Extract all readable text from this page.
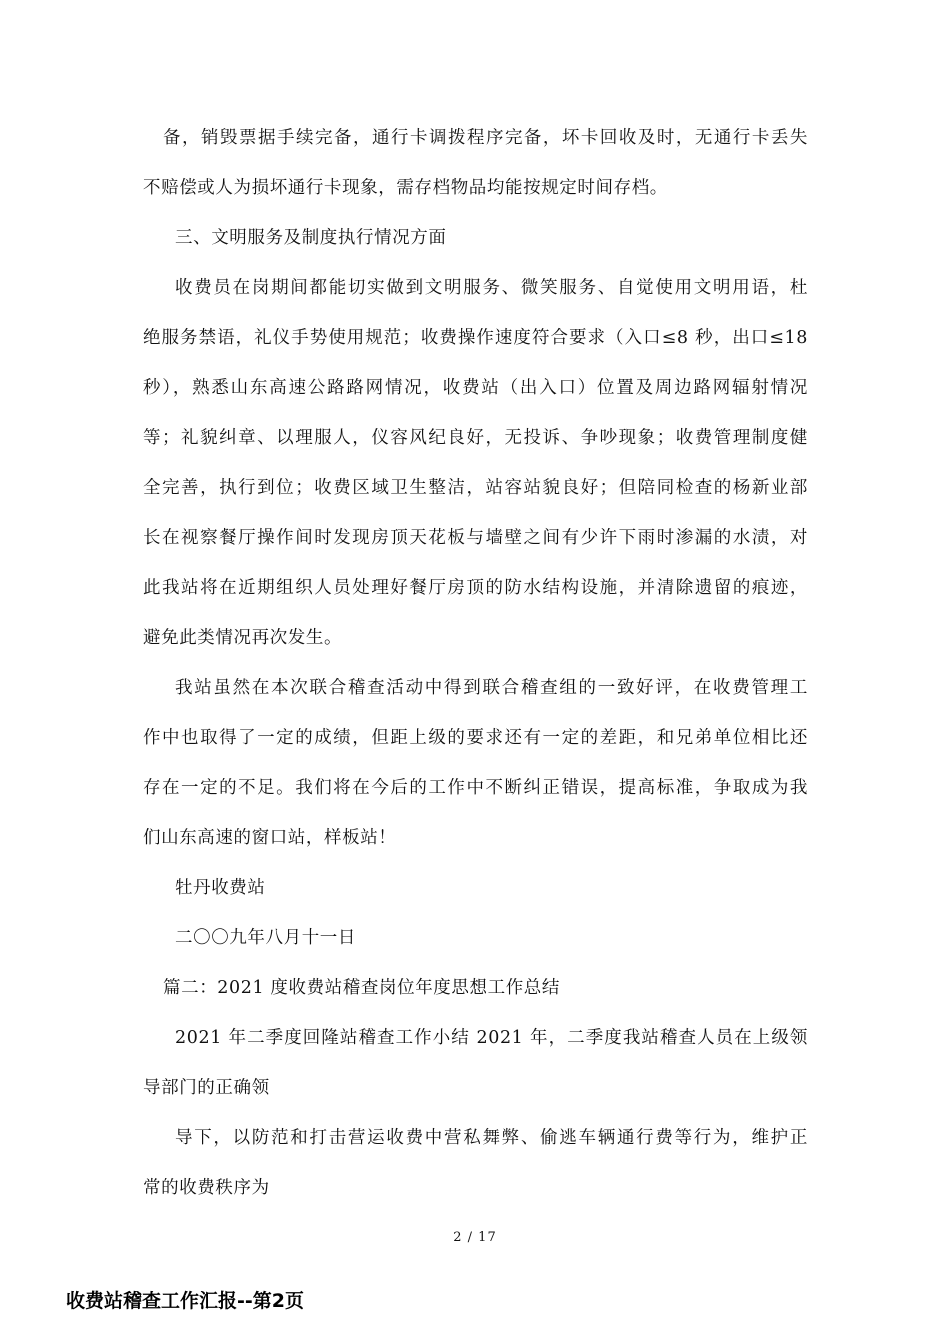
备，销毁票据手续完备，通行卡调拨程序完备，坏卡回收及时，无通行卡丢失
不赔偿或人为损坏通行卡现象，需存档物品均能按规定时间存档。
三、文明服务及制度执行情况方面
收费员在岗期间都能切实做到文明服务、微笑服务、自觉使用文明用语，杜
绝服务禁语，礼仪手势使用规范；收费操作速度符合要求（入口≤8 秒，出口≤18
秒），熟悉山东高速公路路网情况，收费站（出入口）位置及周边路网辐射情况
等；礼貌纠章、以理服人，仪容风纪良好，无投诉、争吵现象；收费管理制度健
全完善，执行到位；收费区域卫生整洁，站容站貌良好；但陪同检查的杨新业部
长在视察餐厅操作间时发现房顶天花板与墙壁之间有少许下雨时渗漏的水渍，对
此我站将在近期组织人员处理好餐厅房顶的防水结构设施，并清除遗留的痕迹，
避免此类情况再次发生。
我站虽然在本次联合稽查活动中得到联合稽查组的一致好评，在收费管理工
作中也取得了一定的成绩，但距上级的要求还有一定的差距，和兄弟单位相比还
存在一定的不足。我们将在今后的工作中不断纠正错误，提高标准，争取成为我
们山东高速的窗口站，样板站！
牡丹收费站
二〇〇九年八月十一日
篇二：2021 度收费站稽查岗位年度思想工作总结
2021 年二季度回隆站稽查工作小结 2021 年，二季度我站稽查人员在上级领
导部门的正确领
导下，以防范和打击营运收费中营私舞弊、偷逃车辆通行费等行为，维护正
常的收费秩序为
2 / 17
收费站稽查工作汇报--第2页
